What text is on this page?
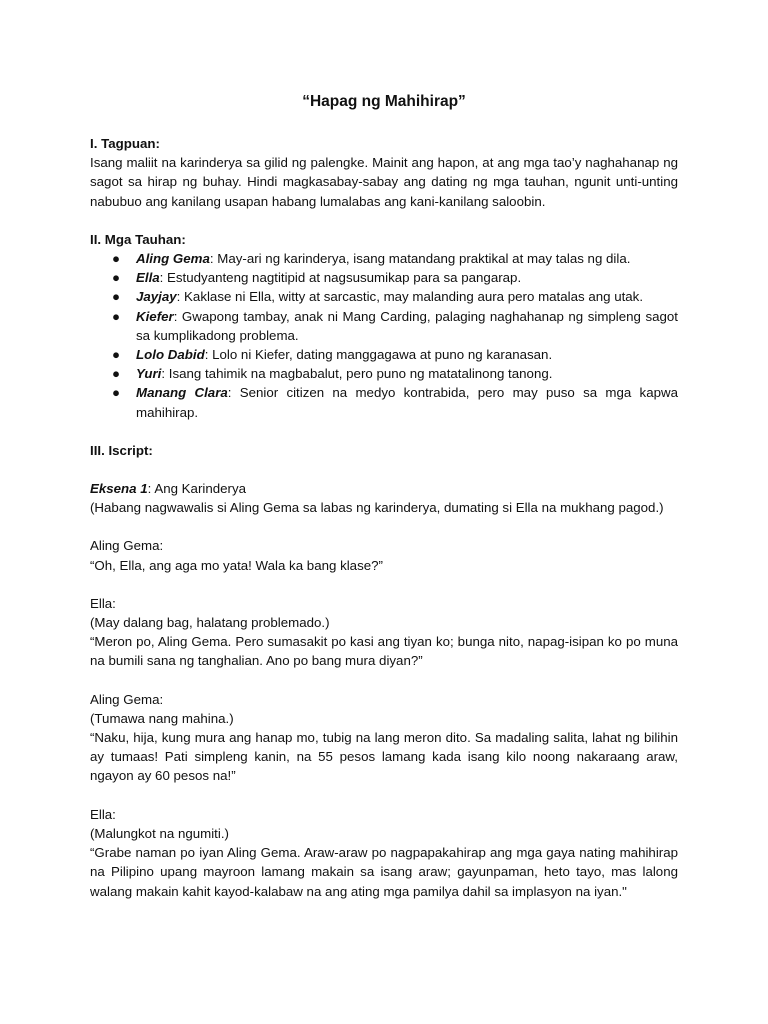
“Hapag ng Mahihirap”
I. Tagpuan:

Isang maliit na karinderya sa gilid ng palengke. Mainit ang hapon, at ang mga tao’y naghahanap ng sagot sa hirap ng buhay. Hindi magkasabay-sabay ang dating ng mga tauhan, ngunit unti-unting nabubuo ang kanilang usapan habang lumalabas ang kani-kanilang saloobin.

II. Mga Tauhan:
● Aling Gema: May-ari ng karinderya, isang matandang praktikal at may talas ng dila.
● Ella: Estudyanteng nagtitipid at nagsusumikap para sa pangarap.
● Jayjay: Kaklase ni Ella, witty at sarcastic, may malanding aura pero matalas ang utak.
● Kiefer: Gwapong tambay, anak ni Mang Carding, palaging naghahanap ng simpleng sagot sa kumplikadong problema.
● Lolo Dabid: Lolo ni Kiefer, dating manggagawa at puno ng karanasan.
● Yuri: Isang tahimik na magbabalut, pero puno ng matatalinong tanong.
● Manang Clara: Senior citizen na medyo kontrabida, pero may puso sa mga kapwa mahihirap.
III. Iscript:

Eksena 1: Ang Karinderya

(Habang nagwawalis si Aling Gema sa labas ng karinderya, dumating si Ella na mukhang pagod.)

Aling Gema:

“Oh, Ella, ang aga mo yata! Wala ka bang klase?”

Ella:

(May dalang bag, halatang problemado.)

“Meron po, Aling Gema. Pero sumasakit po kasi ang tiyan ko; bunga nito, napag-isipan ko po muna na bumili sana ng tanghalian. Ano po bang mura diyan?”

Aling Gema:

(Tumawa nang mahina.)

“Naku, hija, kung mura ang hanap mo, tubig na lang meron dito. Sa madaling salita, lahat ng bilihin ay tumaas! Pati simpleng kanin, na 55 pesos lamang kada isang kilo noong nakaraang araw, ngayon ay 60 pesos na!”

Ella:

(Malungkot na ngumiti.)

“Grabe naman po iyan Aling Gema. Araw-araw po nagpapakahirap ang mga gaya nating mahihirap na Pilipino upang mayroon lamang makain sa isang araw; gayunpaman, heto tayo, mas lalong walang makain kahit kayod-kalabaw na ang ating mga pamilya dahil sa implasyon na iyan."
